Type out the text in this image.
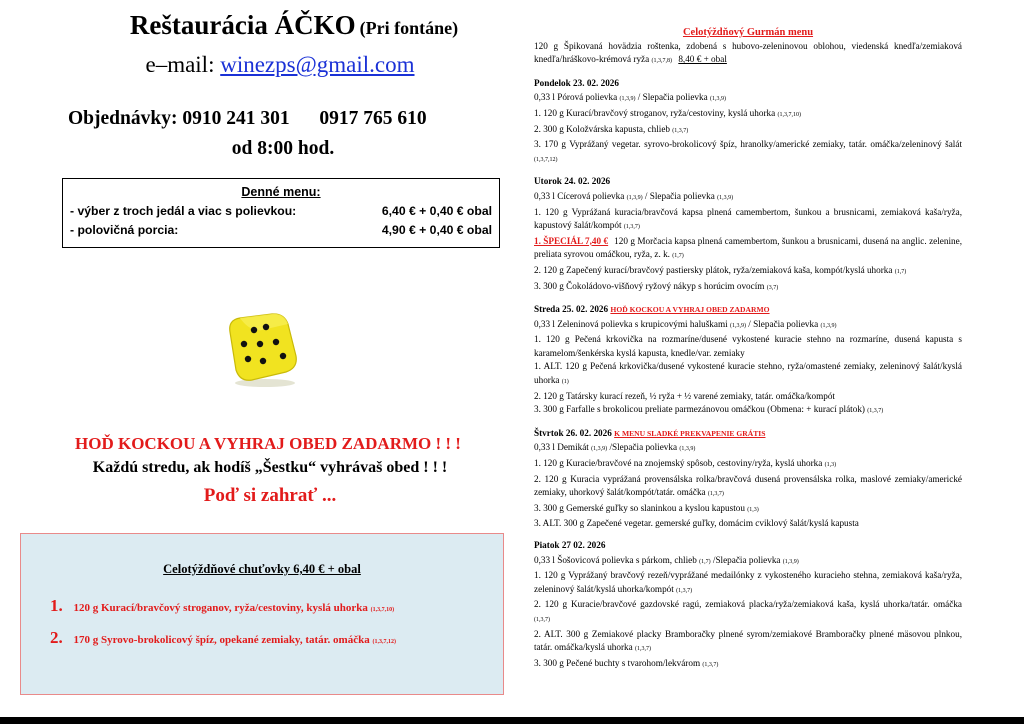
Reštaurácia ÁČKO (Pri fontáne)
e–mail: winezps@gmail.com
Objednávky: 0910 241 301 0917 765 610
od 8:00 hod.
Denné menu:
- výber z troch jedál a viac s polievkou:	6,40 € + 0,40 € obal
- polovičná porcia:	4,90 € + 0,40 € obal
HOĎ KOCKOU A VYHRAJ OBED ZADARMO ! ! !
Každú stredu, ak hodíš „Šestku“ vyhrávaš obed ! ! !
Poď si zahrať ...
Celotýždňové chuťovky 6,40 € + obal
1. 120 g Kurací/bravčový stroganov, ryža/cestoviny, kyslá uhorka (1,3,7,10)
2. 170 g Syrovo-brokolicový špíz, opekané zemiaky, tatár. omáčka (1,3,7,12)
Celotýždňový Gurmán menu
120 g Špikovaná hovädzia roštenka, zdobená s hubovo-zeleninovou oblohou, viedenská knedľa/zemiaková knedľa/hráškovo-krémová ryža (1,3,7,8) 8,40 € + obal
Pondelok 23. 02. 2026
0,33 l Pórová polievka (1,3,9) / Slepačia polievka (1,3,9)
1. 120 g Kurací/bravčový stroganov, ryža/cestoviny, kyslá uhorka (1,3,7,10)
2. 300 g Koložvárska kapusta, chlieb (1,3,7)
3. 170 g Vyprážaný vegetar. syrovo-brokolicový špíz, hranolky/americké zemiaky, tatár. omáčka/zeleninový šalát (1,3,7,12)
Utorok 24. 02. 2026
0,33 l Cícerová polievka (1,3,9) / Slepačia polievka (1,3,9)
1. 120 g Vyprážaná kuracia/bravčová kapsa plnená camembertom, šunkou a brusnicami, zemiaková kaša/ryža, kapustový šalát/kompót (1,3,7)
1. ŠPECIÁL 7,40 € 120 g Morčacia kapsa plnená camembertom, šunkou a brusnicami, dusená na anglic. zelenine, preliata syrovou omáčkou, ryža, z. k. (1,7)
2. 120 g Zapečený kurací/bravčový pastiersky plátok, ryža/zemiaková kaša, kompót/kyslá uhorka (1,7)
3. 300 g Čokoládovo-višňový ryžový nákyp s horúcim ovocím (3,7)
Streda 25. 02. 2026 HOĎ KOCKOU A VYHRAJ OBED ZADARMO
0,33 l Zeleninová polievka s krupicovými haluškami (1,3,9) / Slepačia polievka (1,3,9)
1. 120 g Pečená krkovička na rozmaríne/dusené vykostené kuracie stehno na rozmaríne, dusená kapusta s karamelom/šenkérska kyslá kapusta, knedle/var. zemiaky
1. ALT. 120 g Pečená krkovička/dusené vykostené kuracie stehno, ryža/omastené zemiaky, zeleninový šalát/kyslá uhorka (1)
2. 120 g Tatársky kurací rezeň, ½ ryža + ½ varené zemiaky, tatár. omáčka/kompót
3. 300 g Farfalle s brokolicou preliate parmezánovou omáčkou (Obmena: + kurací plátok) (1,3,7)
Štvrtok 26. 02. 2026 K MENU SLADKÉ PREKVAPENIE GRÁTIS
0,33 l Demikát (1,3,9) /Slepačia polievka (1,3,9)
1. 120 g Kuracie/bravčové na znojemský spôsob, cestoviny/ryža, kyslá uhorka (1,3)
2. 120 g Kuracia vyprážaná provensálska rolka/bravčová dusená provensálska rolka, maslové zemiaky/americké zemiaky, uhorkový šalát/kompót/tatár. omáčka (1,3,7)
3. 300 g Gemerské guľky so slaninkou a kyslou kapustou (1,3)
3. ALT. 300 g Zapečené vegetar. gemerské guľky, domácim cviklový šalát/kyslá kapusta
Piatok 27 02. 2026
0,33 l Šošovicová polievka s párkom, chlieb (1,7) /Slepačia polievka (1,3,9)
1. 120 g Vyprážaný bravčový rezeň/vyprážané medailónky z vykosteného kuracieho stehna, zemiaková kaša/ryža, zeleninový šalát/kyslá uhorka/kompót (1,3,7)
2. 120 g Kuracie/bravčové gazdovské ragú, zemiaková placka/ryža/zemiaková kaša, kyslá uhorka/tatár. omáčka (1,3,7)
2. ALT. 300 g Zemiakové placky Bramboračky plnené syrom/zemiakové Bramboračky plnené mäsovou plnkou, tatár. omáčka/kyslá uhorka (1,3,7)
3. 300 g Pečené buchty s tvarohom/lekvárom (1,3,7)
